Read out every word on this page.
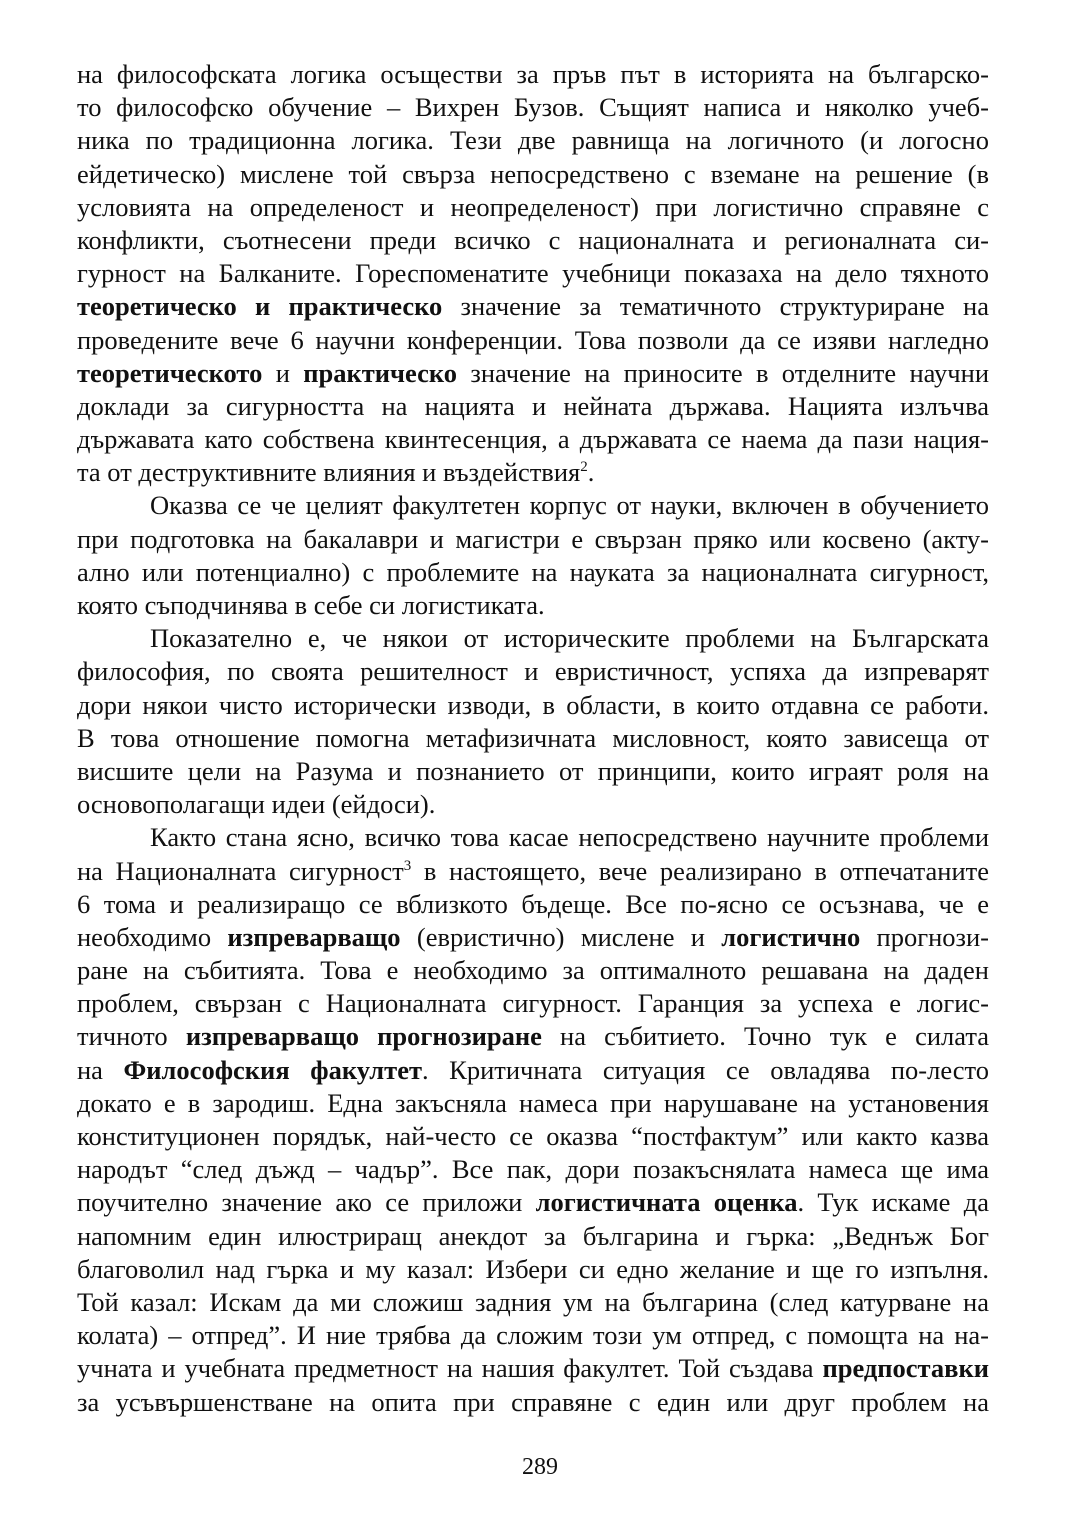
на философската логика осъществи за пръв път в историята на българско-
то философско обучение – Вихрен Бузов. Същият написа и няколко учеб-
ника по традиционна логика. Тези две равнища на логичното (и логосно
ейдетическо) мислене той свърза непосредствено с вземане на решение (в
условията на определеност и неопределеност) при логистично справяне с
конфликти, съотнесени преди всичко с националната и регионалната си-
гурност на Балканите. Гореспоменатите учебници показаха на дело тяхното
теоретическо и практическо значение за тематичното структуриране на
проведените вече 6 научни конференции. Това позволи да се изяви нагледно
теоретическото и практическо значение на приносите в отделните научни
доклади за сигурността на нацията и нейната държава. Нацията излъчва
държавата като собствена квинтесенция, а държавата се наема да пази нация-
та от деструктивните влияния и въздействия$^2$.
Оказва се че целият факултетен корпус от науки, включен в обучението
при подготовка на бакалаври и магистри е свързан пряко или косвено (акту-
ално или потенциално) с проблемите на науката за националната сигурност,
която съподчинява в себе си логистиката.
Показателно е, че някои от историческите проблеми на Българската
философия, по своята решителност и евристичност, успяха да изпреварят
дори някои чисто исторически изводи, в области, в които отдавна се работи.
В това отношение помогна метафизичната мисловност, която зависеща от
висшите цели на Разума и познанието от принципи, които играят роля на
основополагащи идеи (ейдоси).
Както стана ясно, всичко това касае непосредствено научните проблеми
на Националната сигурност$^3$ в настоящето, вече реализирано в отпечатаните
6 тома и реализиращо се вблизкото бъдеще. Все по-ясно се осъзнава, че е
необходимо изпреварващо (евристично) мислене и логистично прогнози-
ране на събитията. Това е необходимо за оптималното решавана на даден
проблем, свързан с Националната сигурност. Гаранция за успеха е логис-
тичното изпреварващо прогнозиране на събитието. Точно тук е силата
на Философския факултет. Критичната ситуация се овладява по-лесто
докато е в зародиш. Една закъсняла намеса при нарушаване на установения
конституционен порядък, най-често се оказва “постфактум” или както казва
народът “след дъжд – чадър”. Все пак, дори позакъснялата намеса ще има
поучително значение ако се приложи логистичната оценка. Тук искаме да
напомним един илюстриращ анекдот за българина и гърка: „Веднъж Бог
благоволил над гърка и му казал: Избери си едно желание и ще го изпълня.
Той казал: Искам да ми сложиш задния ум на българина (след катурване на
колата) – отпред”. И ние трябва да сложим този ум отпред, с помощта на на-
учната и учебната предметност на нашия факултет. Той създава предпоставки
за усъвършенстване на опита при справяне с един или друг проблем на
289
